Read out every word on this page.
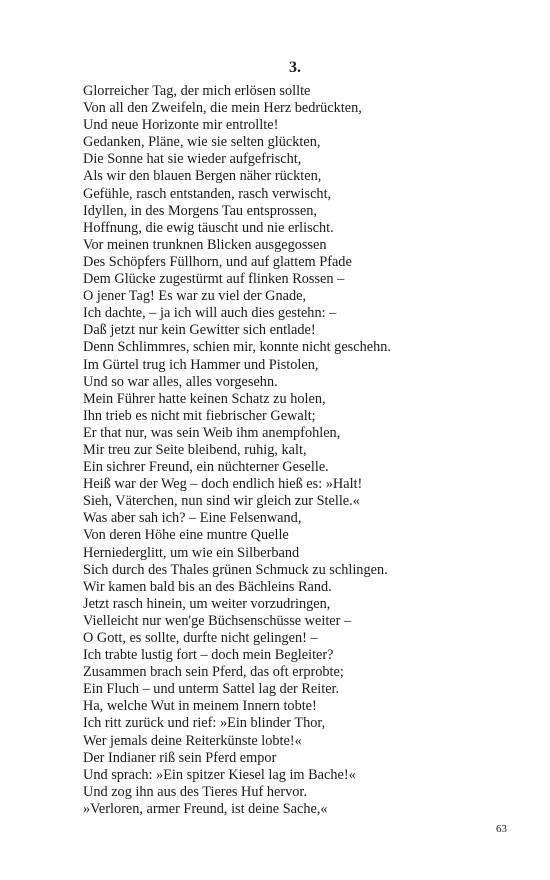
3.
Glorreicher Tag, der mich erlösen sollte
Von all den Zweifeln, die mein Herz bedrückten,
Und neue Horizonte mir entrollte!
Gedanken, Pläne, wie sie selten glückten,
Die Sonne hat sie wieder aufgefrischt,
Als wir den blauen Bergen näher rückten,
Gefühle, rasch entstanden, rasch verwischt,
Idyllen, in des Morgens Tau entsprossen,
Hoffnung, die ewig täuscht und nie erlischt.
Vor meinen trunknen Blicken ausgegossen
Des Schöpfers Füllhorn, und auf glattem Pfade
Dem Glücke zugestürmt auf flinken Rossen –
O jener Tag! Es war zu viel der Gnade,
Ich dachte, – ja ich will auch dies gestehn: –
Daß jetzt nur kein Gewitter sich entlade!
Denn Schlimmres, schien mir, konnte nicht geschehn.
Im Gürtel trug ich Hammer und Pistolen,
Und so war alles, alles vorgesehn.
Mein Führer hatte keinen Schatz zu holen,
Ihn trieb es nicht mit fiebrischer Gewalt;
Er that nur, was sein Weib ihm anempfohlen,
Mir treu zur Seite bleibend, ruhig, kalt,
Ein sichrer Freund, ein nüchterner Geselle.
Heiß war der Weg – doch endlich hieß es: »Halt!
Sieh, Väterchen, nun sind wir gleich zur Stelle.«
Was aber sah ich? – Eine Felsenwand,
Von deren Höhe eine muntre Quelle
Herniederglitt, um wie ein Silberband
Sich durch des Thales grünen Schmuck zu schlingen.
Wir kamen bald bis an des Bächleins Rand.
Jetzt rasch hinein, um weiter vorzudringen,
Vielleicht nur wen'ge Büchsenschüsse weiter –
O Gott, es sollte, durfte nicht gelingen! –
Ich trabte lustig fort – doch mein Begleiter?
Zusammen brach sein Pferd, das oft erprobte;
Ein Fluch – und unterm Sattel lag der Reiter.
Ha, welche Wut in meinem Innern tobte!
Ich ritt zurück und rief: »Ein blinder Thor,
Wer jemals deine Reiterkünste lobte!«
Der Indianer riß sein Pferd empor
Und sprach: »Ein spitzer Kiesel lag im Bache!«
Und zog ihn aus des Tieres Huf hervor.
»Verloren, armer Freund, ist deine Sache,«
63
